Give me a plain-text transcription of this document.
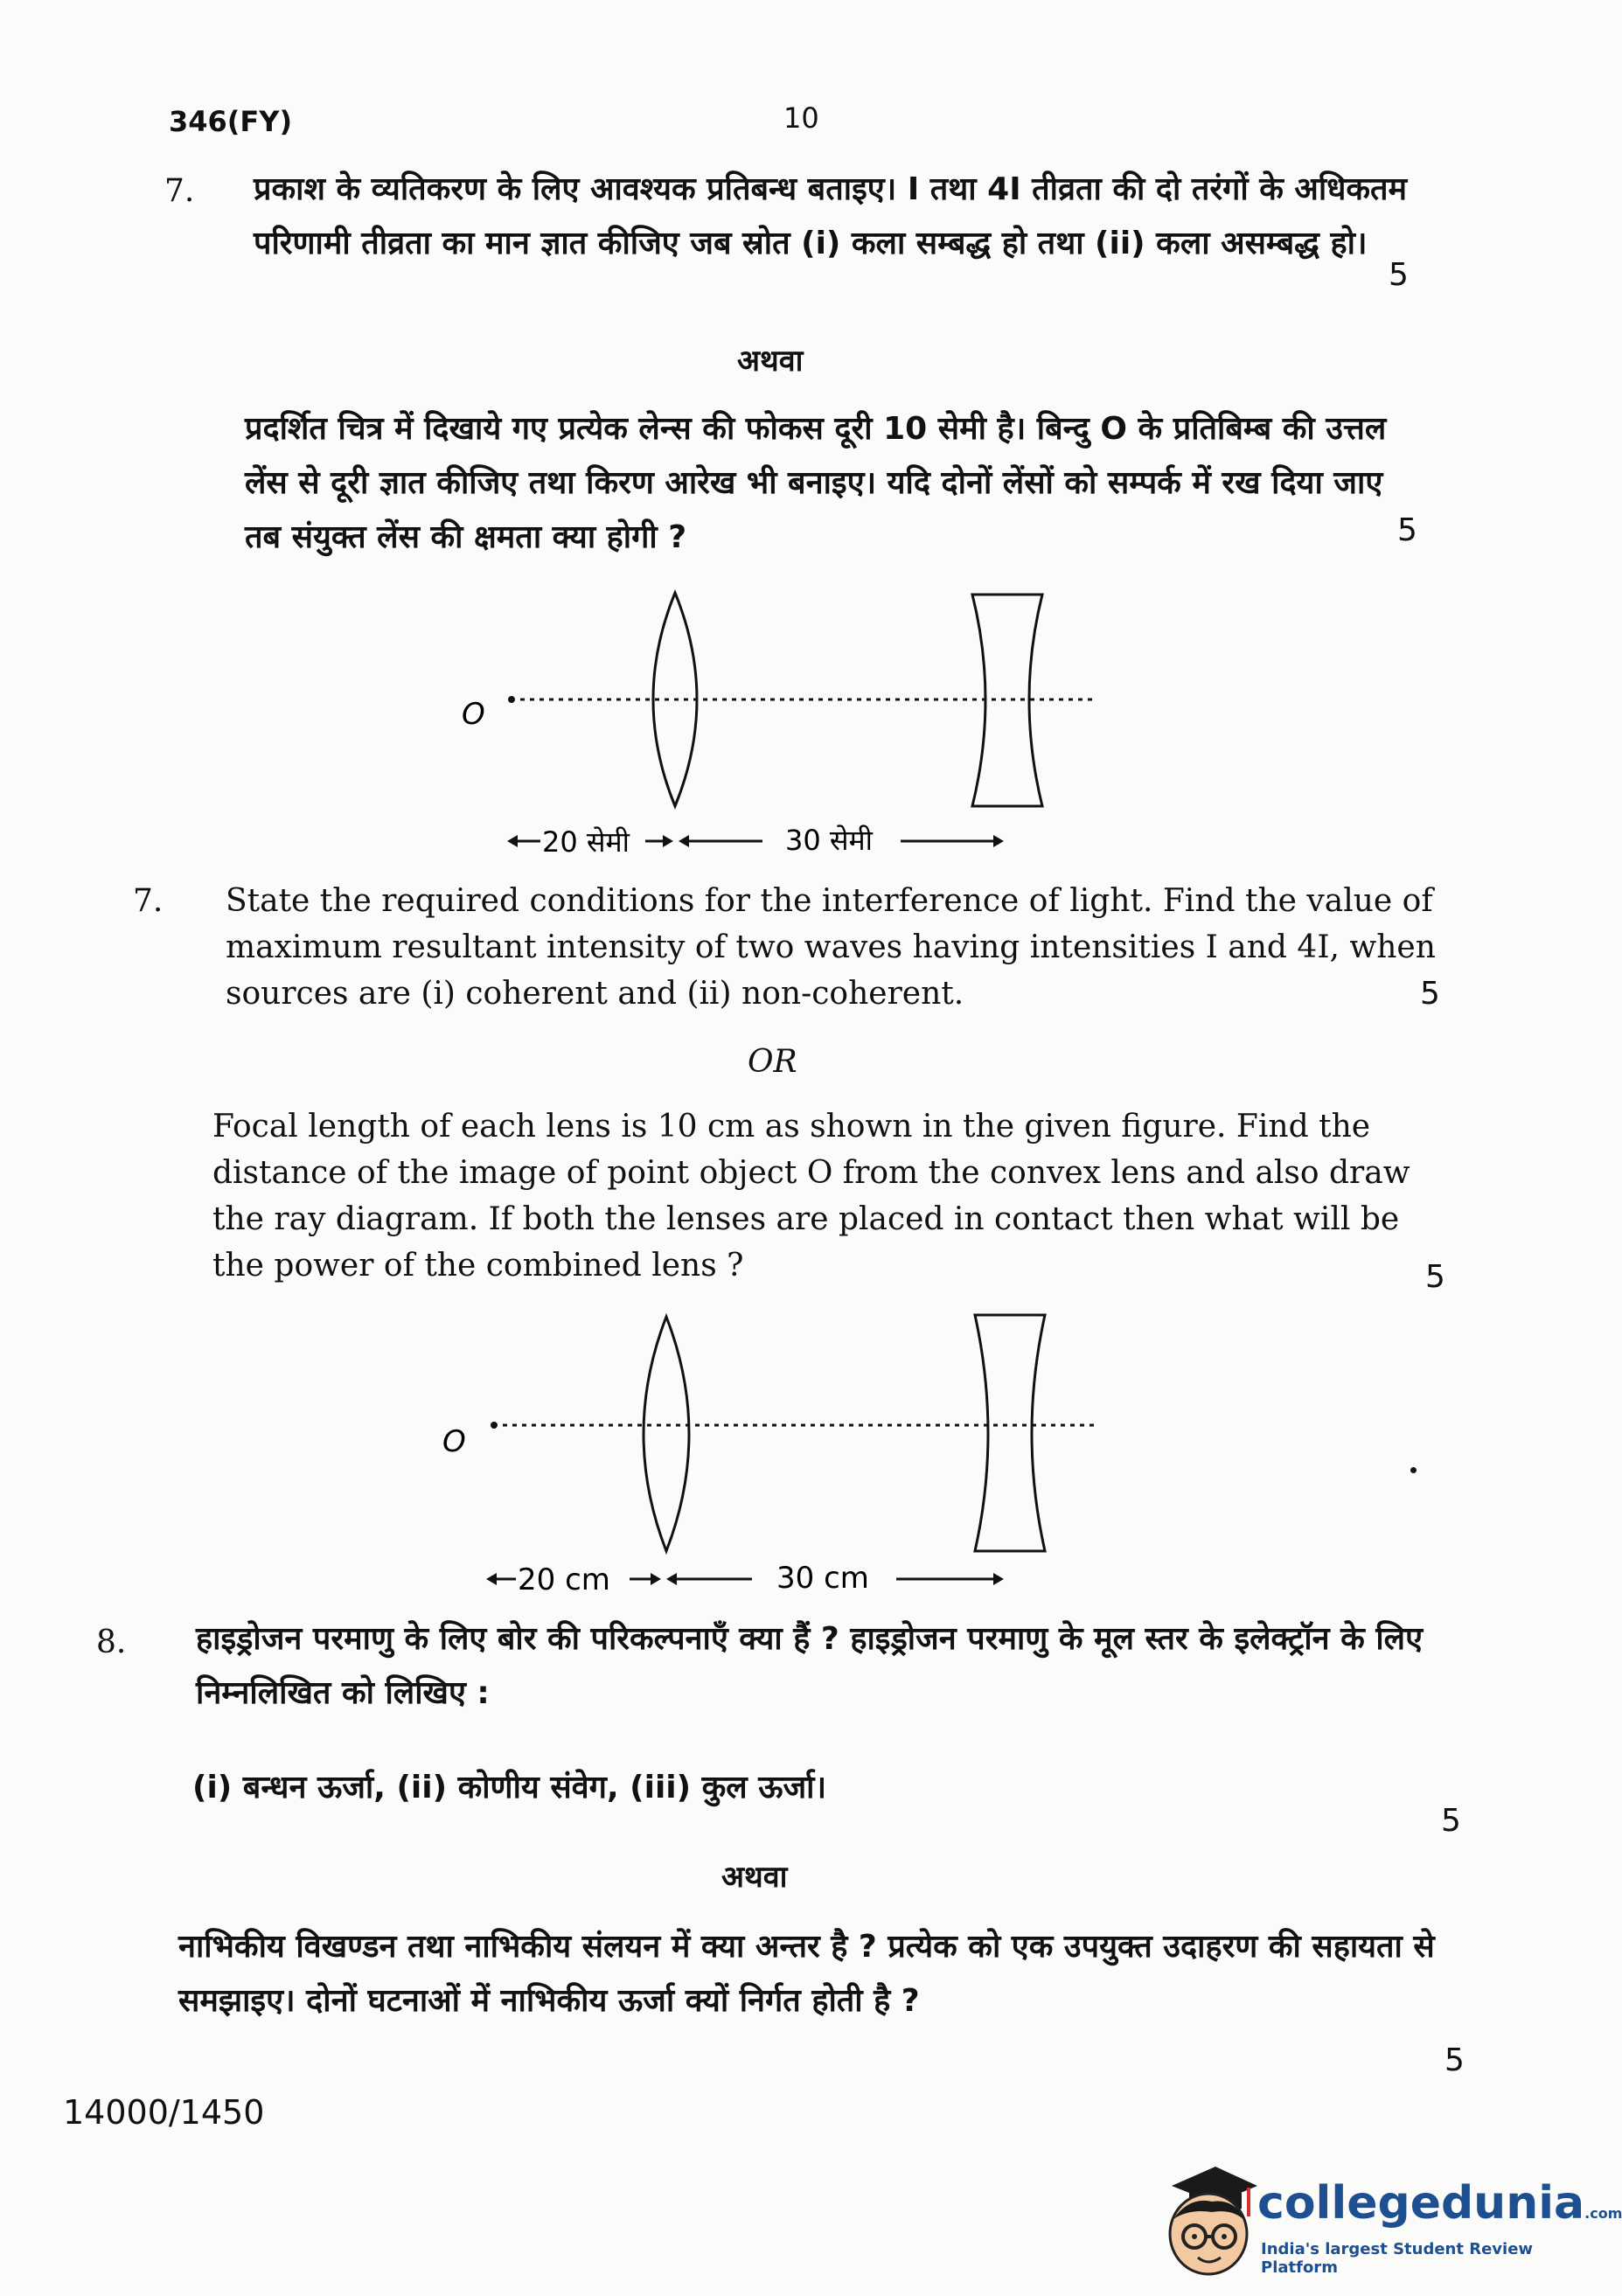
346(FY)	10
7. प्रकाश के व्यतिकरण के लिए आवश्यक प्रतिबन्ध बताइए। I तथा 4I तीव्रता की दो तरंगों के अधिकतम परिणामी तीव्रता का मान ज्ञात कीजिए जब स्रोत (i) कला सम्बद्ध हो तथा (ii) कला असम्बद्ध हो।
5
अथवा
प्रदर्शित चित्र में दिखाये गए प्रत्येक लेन्स की फोकस दूरी 10 सेमी है। बिन्दु O के प्रतिबिम्ब की उत्तल लेंस से दूरी ज्ञात कीजिए तथा किरण आरेख भी बनाइए। यदि दोनों लेंसों को सम्पर्क में रख दिया जाए तब संयुक्त लेंस की क्षमता क्या होगी ?	5
O
20 सेमी	30 सेमी
7. State the required conditions for the interference of light. Find the value of maximum resultant intensity of two waves having intensities I and 4I, when sources are (i) coherent and (ii) non-coherent.	5
OR
Focal length of each lens is 10 cm as shown in the given figure. Find the distance of the image of point object O from the convex lens and also draw the ray diagram. If both the lenses are placed in contact then what will be the power of the combined lens ?	5
O
20 cm	30 cm
8. हाइड्रोजन परमाणु के लिए बोर की परिकल्पनाएँ क्या हैं ? हाइड्रोजन परमाणु के मूल स्तर के इलेक्ट्रॉन के लिए निम्नलिखित को लिखिए :
(i) बन्धन ऊर्जा, (ii) कोणीय संवेग, (iii) कुल ऊर्जा।
5
अथवा
नाभिकीय विखण्डन तथा नाभिकीय संलयन में क्या अन्तर है ? प्रत्येक को एक उपयुक्त उदाहरण की सहायता से समझाइए। दोनों घटनाओं में नाभिकीय ऊर्जा क्यों निर्गत होती है ?
5
14000/1450
collegedunia.com
India's largest Student Review Platform
